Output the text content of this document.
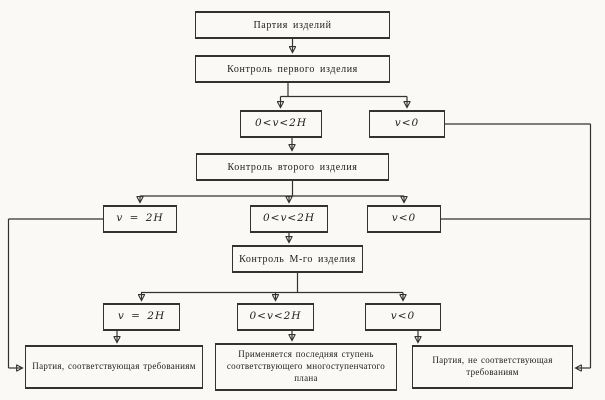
Партия изделий
Контроль первого изделия
0<v<2H	v<0
Контроль второго изделия
v = 2H	0<v<2H	v<0
Контроль М-го изделия
v = 2H	0<v<2H	v<0
Партия, соответствующая требованиям
Применяется последняя ступень соответствующего многоступенчатого плана
Партия, не соответствующая требованиям
